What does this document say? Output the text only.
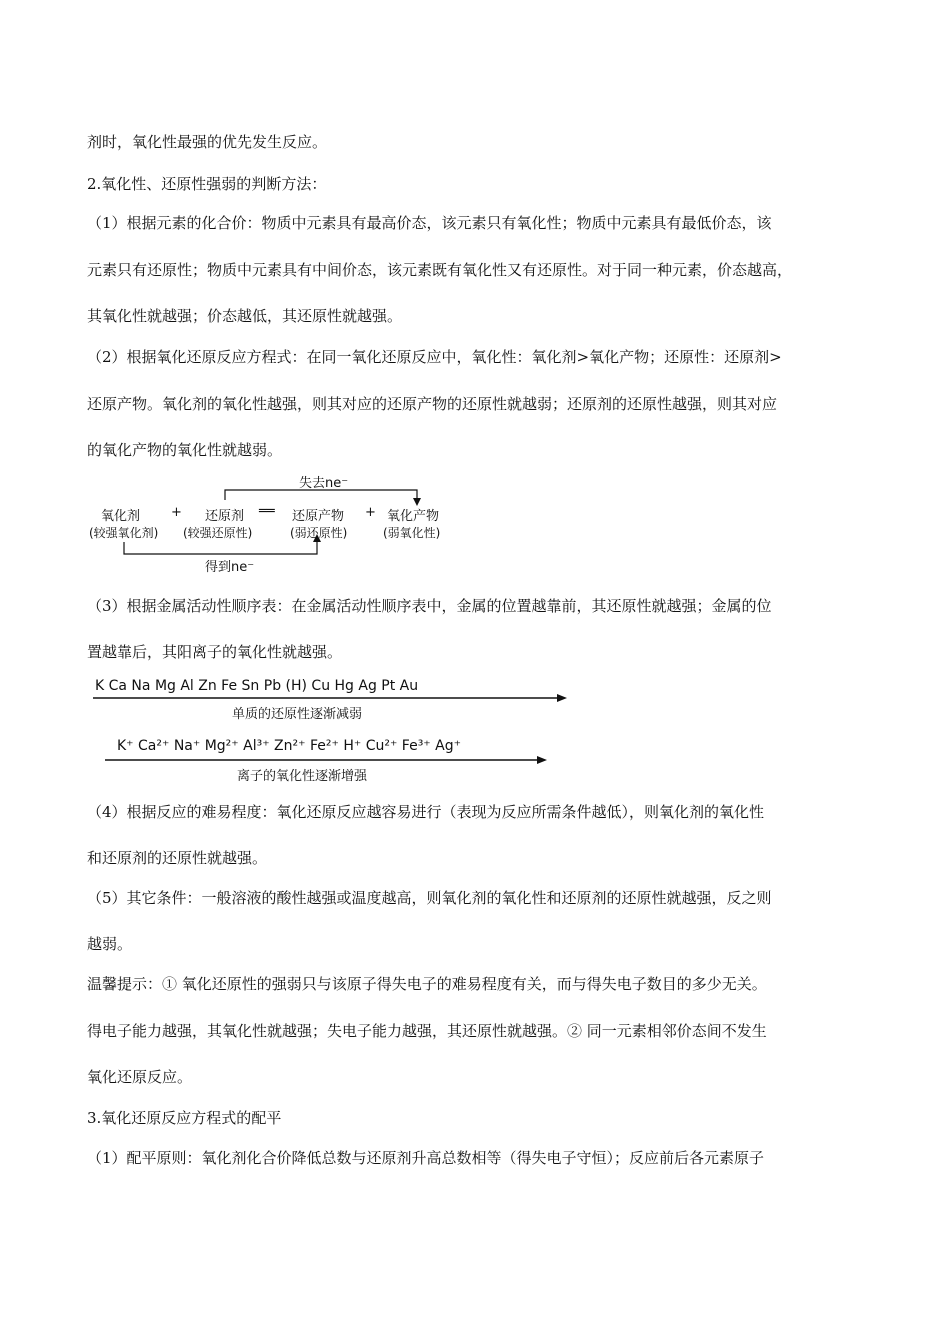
剂时，氧化性最强的优先发生反应。
2.氧化性、还原性强弱的判断方法：
（1）根据元素的化合价：物质中元素具有最高价态，该元素只有氧化性；物质中元素具有最低价态，该
元素只有还原性；物质中元素具有中间价态，该元素既有氧化性又有还原性。对于同一种元素，价态越高，
其氧化性就越强；价态越低，其还原性就越强。
（2）根据氧化还原反应方程式：在同一氧化还原反应中，氧化性：氧化剂>氧化产物；还原性：还原剂>
还原产物。氧化剂的氧化性越强，则其对应的还原产物的还原性就越弱；还原剂的还原性越强，则其对应
的氧化产物的氧化性就越弱。
失去ne⁻
氧化剂
(较强氧化剂)
+ 还原剂
(较强还原性)
══ 还原产物
(弱还原性)
+ 氧化产物
(弱氧化性)
得到ne⁻
（3）根据金属活动性顺序表：在金属活动性顺序表中，金属的位置越靠前，其还原性就越强；金属的位
置越靠后，其阳离子的氧化性就越强。
K Ca Na Mg Al Zn Fe Sn Pb (H) Cu Hg Ag Pt Au
单质的还原性逐渐减弱
K⁺ Ca²⁺ Na⁺ Mg²⁺ Al³⁺ Zn²⁺ Fe²⁺ H⁺ Cu²⁺ Fe³⁺ Ag⁺
离子的氧化性逐渐增强
（4）根据反应的难易程度：氧化还原反应越容易进行（表现为反应所需条件越低），则氧化剂的氧化性
和还原剂的还原性就越强。
（5）其它条件：一般溶液的酸性越强或温度越高，则氧化剂的氧化性和还原剂的还原性就越强，反之则
越弱。
温馨提示：① 氧化还原性的强弱只与该原子得失电子的难易程度有关，而与得失电子数目的多少无关。
得电子能力越强，其氧化性就越强；失电子能力越强，其还原性就越强。② 同一元素相邻价态间不发生
氧化还原反应。
3.氧化还原反应方程式的配平
（1）配平原则：氧化剂化合价降低总数与还原剂升高总数相等（得失电子守恒）；反应前后各元素原子
